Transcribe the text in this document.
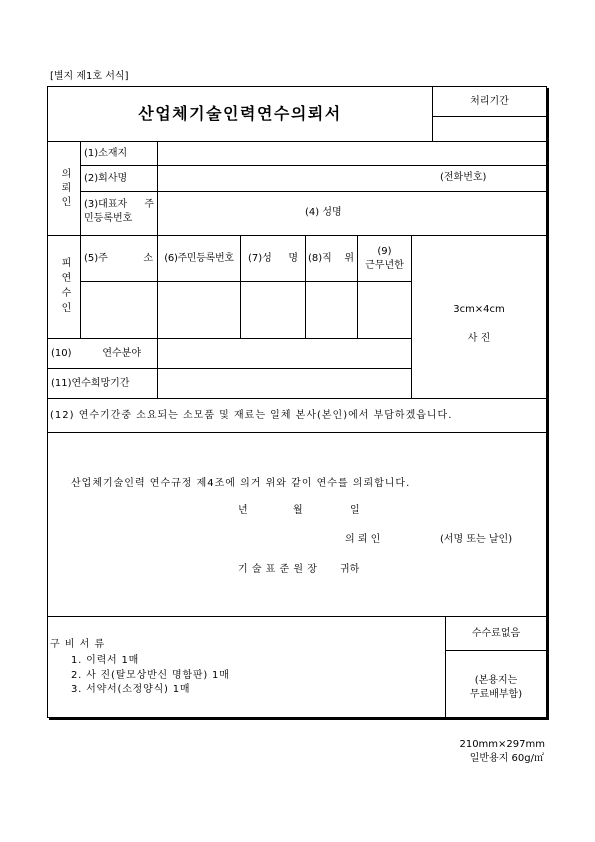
[별지 제1호 서식]
산업체기술인력연수의뢰서
처리기간
의뢰인
(1)소재지
(2)회사명	(전화번호)
(3)대표자 주
민등록번호
(4) 성명
피연수인 (5)주 소 (6)주민등록번호 (7)성 명 (8)직 위
(9)
근무년한
3cm×4cm
사 진
(10) 연수분야
(11)연수희망기간
(12) 연수기간중 소요되는 소모품 및 재료는 일체 본사(본인)에서 부담하겠읍니다.
산업체기술인력 연수규정 제4조에 의거 위와 같이 연수를 의뢰합니다.
년	월	일
의 뢰 인	(서명 또는 날인)
기 술 표 준 원 장 귀하
구 비 서 류
1. 이력서 1매
2. 사 진(탈모상반신 명함판) 1매
3. 서약서(소정양식) 1매
수수료없음
(본용지는
무료배부함)
210mm×297mm
일반용지 60g/㎡
